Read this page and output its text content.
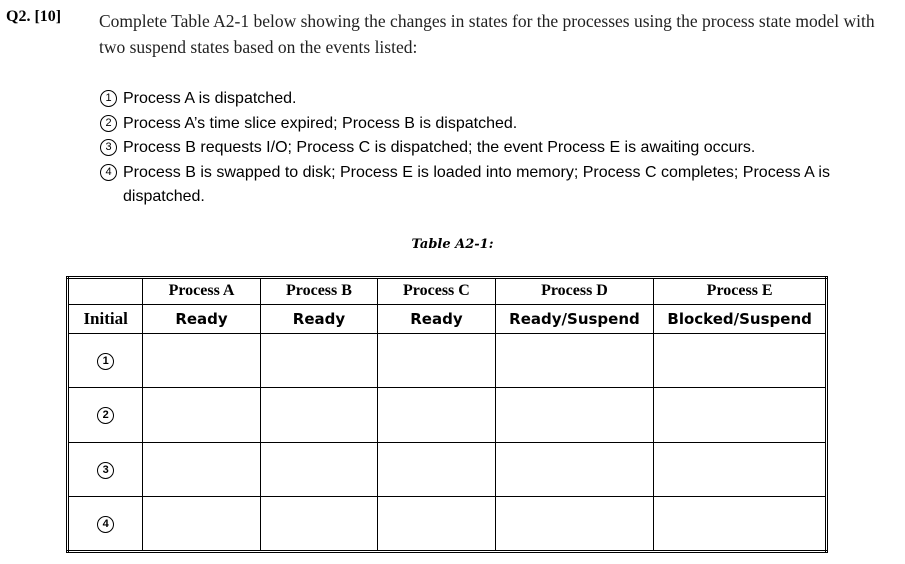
Q2. [10] Complete Table A2-1 below showing the changes in states for the processes using the process state model with two suspend states based on the events listed:
1 Process A is dispatched.
2 Process A’s time slice expired; Process B is dispatched.
3 Process B requests I/O; Process C is dispatched; the event Process E is awaiting occurs.
4 Process B is swapped to disk; Process E is loaded into memory; Process C completes; Process A is dispatched.
Table A2-1:
	Process A	Process B	Process C	Process D	Process E
Initial	Ready	Ready	Ready	Ready/Suspend	Blocked/Suspend
1					
2					
3					
4					
